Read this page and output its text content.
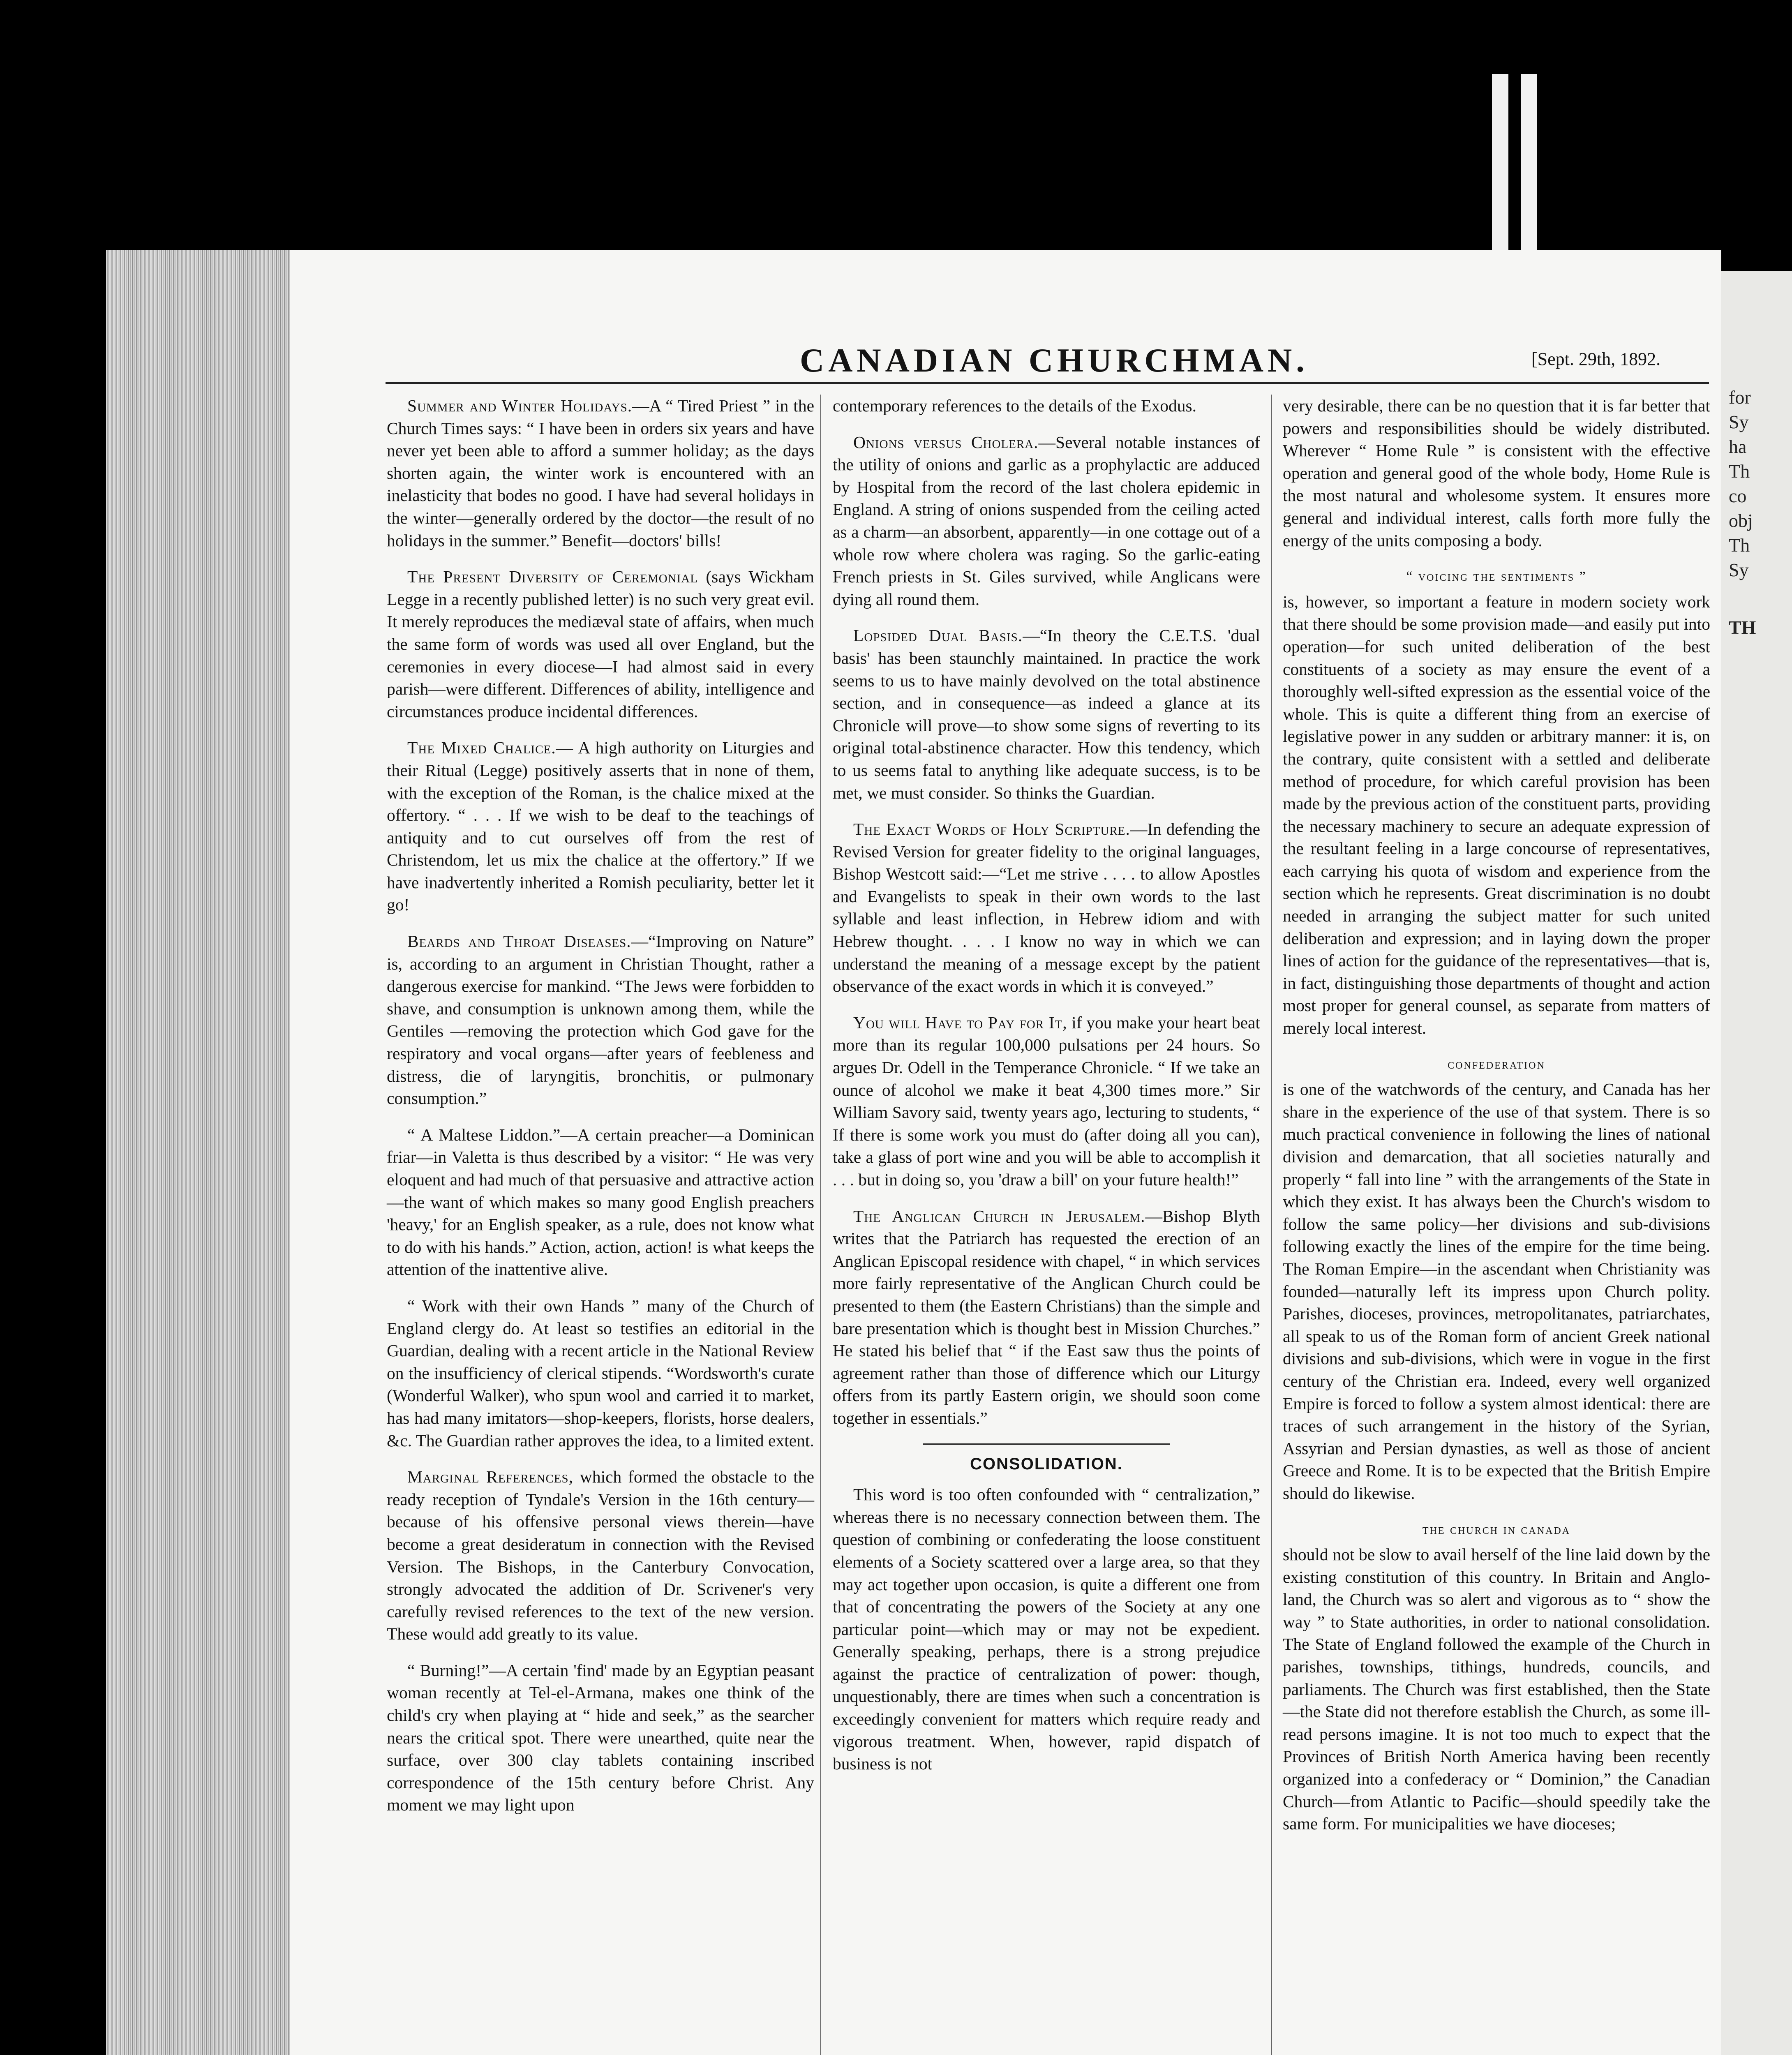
CANADIAN CHURCHMAN.	[Sept. 29th, 1892.

Summer and Winter Holidays.—A “ Tired Priest ” in the Church Times says: “ I have been in orders six years and have never yet been able to afford a summer holiday; as the days shorten again, the winter work is encountered with an inelasticity that bodes no good. I have had several holidays in the winter—generally ordered by the doctor—the result of no holidays in the summer.” Benefit—doctors' bills!

The Present Diversity of Ceremonial (says Wickham Legge in a recently published letter) is no such very great evil. It merely reproduces the mediæval state of affairs, when much the same form of words was used all over England, but the ceremonies in every diocese—I had almost said in every parish—were different. Differences of ability, intelligence and circumstances produce incidental differences.

The Mixed Chalice.— A high authority on Liturgies and their Ritual (Legge) positively asserts that in none of them, with the exception of the Roman, is the chalice mixed at the offertory. “ . . . If we wish to be deaf to the teachings of antiquity and to cut ourselves off from the rest of Christendom, let us mix the chalice at the offertory.” If we have inadvertently inherited a Romish peculiarity, better let it go!

Beards and Throat Diseases.—“Improving on Nature” is, according to an argument in Christian Thought, rather a dangerous exercise for mankind. “The Jews were forbidden to shave, and consumption is unknown among them, while the Gentiles —removing the protection which God gave for the respiratory and vocal organs—after years of feebleness and distress, die of laryngitis, bronchitis, or pulmonary consumption.”

“ A Maltese Liddon.”—A certain preacher—a Dominican friar—in Valetta is thus described by a visitor: “ He was very eloquent and had much of that persuasive and attractive action—the want of which makes so many good English preachers 'heavy,' for an English speaker, as a rule, does not know what to do with his hands.” Action, action, action! is what keeps the attention of the inattentive alive.

“ Work with their own Hands ” many of the Church of England clergy do. At least so testifies an editorial in the Guardian, dealing with a recent article in the National Review on the insufficiency of clerical stipends. “Wordsworth's curate (Wonderful Walker), who spun wool and carried it to market, has had many imitators—shop-keepers, florists, horse dealers, &c. The Guardian rather approves the idea, to a limited extent.

Marginal References, which formed the obstacle to the ready reception of Tyndale's Version in the 16th century—because of his offensive personal views therein—have become a great desideratum in connection with the Revised Version. The Bishops, in the Canterbury Convocation, strongly advocated the addition of Dr. Scrivener's very carefully revised references to the text of the new version. These would add greatly to its value.

“ Burning!”—A certain 'find' made by an Egyptian peasant woman recently at Tel-el-Armana, makes one think of the child's cry when playing at “ hide and seek,” as the searcher nears the critical spot. There were unearthed, quite near the surface, over 300 clay tablets containing inscribed correspondence of the 15th century before Christ. Any moment we may light upon

contemporary references to the details of the Exodus.

Onions versus Cholera.—Several notable instances of the utility of onions and garlic as a prophylactic are adduced by Hospital from the record of the last cholera epidemic in England. A string of onions suspended from the ceiling acted as a charm—an absorbent, apparently—in one cottage out of a whole row where cholera was raging. So the garlic-eating French priests in St. Giles survived, while Anglicans were dying all round them.

Lopsided Dual Basis.—“In theory the C.E.T.S. 'dual basis' has been staunchly maintained. In practice the work seems to us to have mainly devolved on the total abstinence section, and in consequence—as indeed a glance at its Chronicle will prove—to show some signs of reverting to its original total-abstinence character. How this tendency, which to us seems fatal to anything like adequate success, is to be met, we must consider. So thinks the Guardian.

The Exact Words of Holy Scripture.—In defending the Revised Version for greater fidelity to the original languages, Bishop Westcott said:—“Let me strive . . . . to allow Apostles and Evangelists to speak in their own words to the last syllable and least inflection, in Hebrew idiom and with Hebrew thought. . . . I know no way in which we can understand the meaning of a message except by the patient observance of the exact words in which it is conveyed.”

You will Have to Pay for It, if you make your heart beat more than its regular 100,000 pulsations per 24 hours. So argues Dr. Odell in the Temperance Chronicle. “ If we take an ounce of alcohol we make it beat 4,300 times more.” Sir William Savory said, twenty years ago, lecturing to students, “ If there is some work you must do (after doing all you can), take a glass of port wine and you will be able to accomplish it . . . but in doing so, you 'draw a bill' on your future health!”

The Anglican Church in Jerusalem.—Bishop Blyth writes that the Patriarch has requested the erection of an Anglican Episcopal residence with chapel, “ in which services more fairly representative of the Anglican Church could be presented to them (the Eastern Christians) than the simple and bare presentation which is thought best in Mission Churches.” He stated his belief that “ if the East saw thus the points of agreement rather than those of difference which our Liturgy offers from its partly Eastern origin, we should soon come together in essentials.”

CONSOLIDATION.

This word is too often confounded with “ centralization,” whereas there is no necessary connection between them. The question of combining or confederating the loose constituent elements of a Society scattered over a large area, so that they may act together upon occasion, is quite a different one from that of concentrating the powers of the Society at any one particular point—which may or may not be expedient. Generally speaking, perhaps, there is a strong prejudice against the practice of centralization of power: though, unquestionably, there are times when such a concentration is exceedingly convenient for matters which require ready and vigorous treatment. When, however, rapid dispatch of business is not

very desirable, there can be no question that it is far better that powers and responsibilities should be widely distributed. Wherever “ Home Rule ” is consistent with the effective operation and general good of the whole body, Home Rule is the most natural and wholesome system. It ensures more general and individual interest, calls forth more fully the energy of the units composing a body.

“ voicing the sentiments ”

is, however, so important a feature in modern society work that there should be some provision made—and easily put into operation—for such united deliberation of the best constituents of a society as may ensure the event of a thoroughly well-sifted expression as the essential voice of the whole. This is quite a different thing from an exercise of legislative power in any sudden or arbitrary manner: it is, on the contrary, quite consistent with a settled and deliberate method of procedure, for which careful provision has been made by the previous action of the constituent parts, providing the necessary machinery to secure an adequate expression of the resultant feeling in a large concourse of representatives, each carrying his quota of wisdom and experience from the section which he represents. Great discrimination is no doubt needed in arranging the subject matter for such united deliberation and expression; and in laying down the proper lines of action for the guidance of the representatives—that is, in fact, distinguishing those departments of thought and action most proper for general counsel, as separate from matters of merely local interest.

confederation

is one of the watchwords of the century, and Canada has her share in the experience of the use of that system. There is so much practical convenience in following the lines of national division and demarcation, that all societies naturally and properly “ fall into line ” with the arrangements of the State in which they exist. It has always been the Church's wisdom to follow the same policy—her divisions and sub-divisions following exactly the lines of the empire for the time being. The Roman Empire—in the ascendant when Christianity was founded—naturally left its impress upon Church polity. Parishes, dioceses, provinces, metropolitanates, patriarchates, all speak to us of the Roman form of ancient Greek national divisions and sub-divisions, which were in vogue in the first century of the Christian era. Indeed, every well organized Empire is forced to follow a system almost identical: there are traces of such arrangement in the history of the Syrian, Assyrian and Persian dynasties, as well as those of ancient Greece and Rome. It is to be expected that the British Empire should do likewise.

the church in canada

should not be slow to avail herself of the line laid down by the existing constitution of this country. In Britain and Anglo-land, the Church was so alert and vigorous as to “ show the way ” to State authorities, in order to national consolidation. The State of England followed the example of the Church in parishes, townships, tithings, hundreds, councils, and parliaments. The Church was first established, then the State—the State did not therefore establish the Church, as some ill-read persons imagine. It is not too much to expect that the Provinces of British North America having been recently organized into a confederacy or “ Dominion,” the Canadian Church—from Atlantic to Pacific—should speedily take the same form. For municipalities we have dioceses;

for
Sy
ha
Th
co
obj
Th
Sy
TH
